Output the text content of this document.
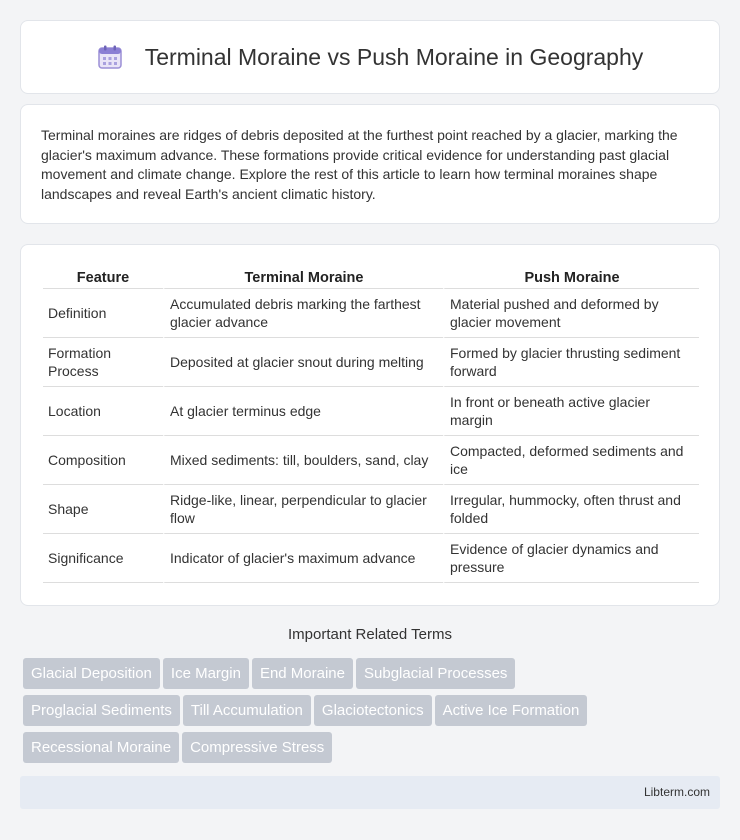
Terminal Moraine vs Push Moraine in Geography

Terminal moraines are ridges of debris deposited at the furthest point reached by a glacier, marking the glacier's maximum advance. These formations provide critical evidence for understanding past glacial movement and climate change. Explore the rest of this article to learn how terminal moraines shape landscapes and reveal Earth's ancient climatic history.

Feature	Terminal Moraine	Push Moraine
Definition	Accumulated debris marking the farthest glacier advance	Material pushed and deformed by glacier movement
Formation Process	Deposited at glacier snout during melting	Formed by glacier thrusting sediment forward
Location	At glacier terminus edge	In front or beneath active glacier margin
Composition	Mixed sediments: till, boulders, sand, clay	Compacted, deformed sediments and ice
Shape	Ridge-like, linear, perpendicular to glacier flow	Irregular, hummocky, often thrust and folded
Significance	Indicator of glacier's maximum advance	Evidence of glacier dynamics and pressure
Important Related Terms
Glacial Deposition Ice Margin End Moraine Subglacial Processes
Proglacial Sediments Till Accumulation Glaciotectonics Active Ice Formation
Recessional Moraine Compressive Stress
Libterm.com
